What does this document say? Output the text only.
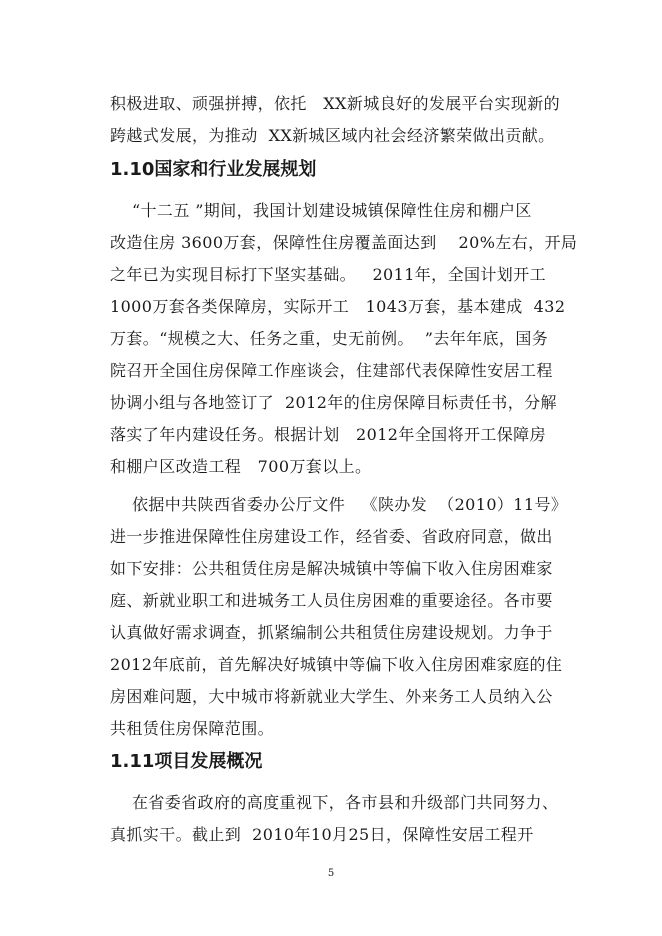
积极进取、顽强拼搏，依托   XX新城良好的发展平台实现新的
跨越式发展，为推动  XX新城区域内社会经济繁荣做出贡献。
1.10国家和行业发展规划
“十二五 ”期间，我国计划建设城镇保障性住房和棚户区
改造住房 3600万套，保障性住房覆盖面达到    20%左右，开局
之年已为实现目标打下坚实基础。   2011年，全国计划开工
1000万套各类保障房，实际开工   1043万套，基本建成  432
万套。“规模之大、任务之重，史无前例。  ”去年年底，国务
院召开全国住房保障工作座谈会，住建部代表保障性安居工程
协调小组与各地签订了  2012年的住房保障目标责任书，分解
落实了年内建设任务。根据计划   2012年全国将开工保障房
和棚户区改造工程   700万套以上。
依据中共陕西省委办公厅文件   《陕办发  （2010）11号》
进一步推进保障性住房建设工作，经省委、省政府同意，做出
如下安排：公共租赁住房是解决城镇中等偏下收入住房困难家
庭、新就业职工和进城务工人员住房困难的重要途径。各市要
认真做好需求调查，抓紧编制公共租赁住房建设规划。力争于
2012年底前，首先解决好城镇中等偏下收入住房困难家庭的住
房困难问题，大中城市将新就业大学生、外来务工人员纳入公
共租赁住房保障范围。
1.11项目发展概况
在省委省政府的高度重视下，各市县和升级部门共同努力、
真抓实干。截止到  2010年10月25日，保障性安居工程开
5
